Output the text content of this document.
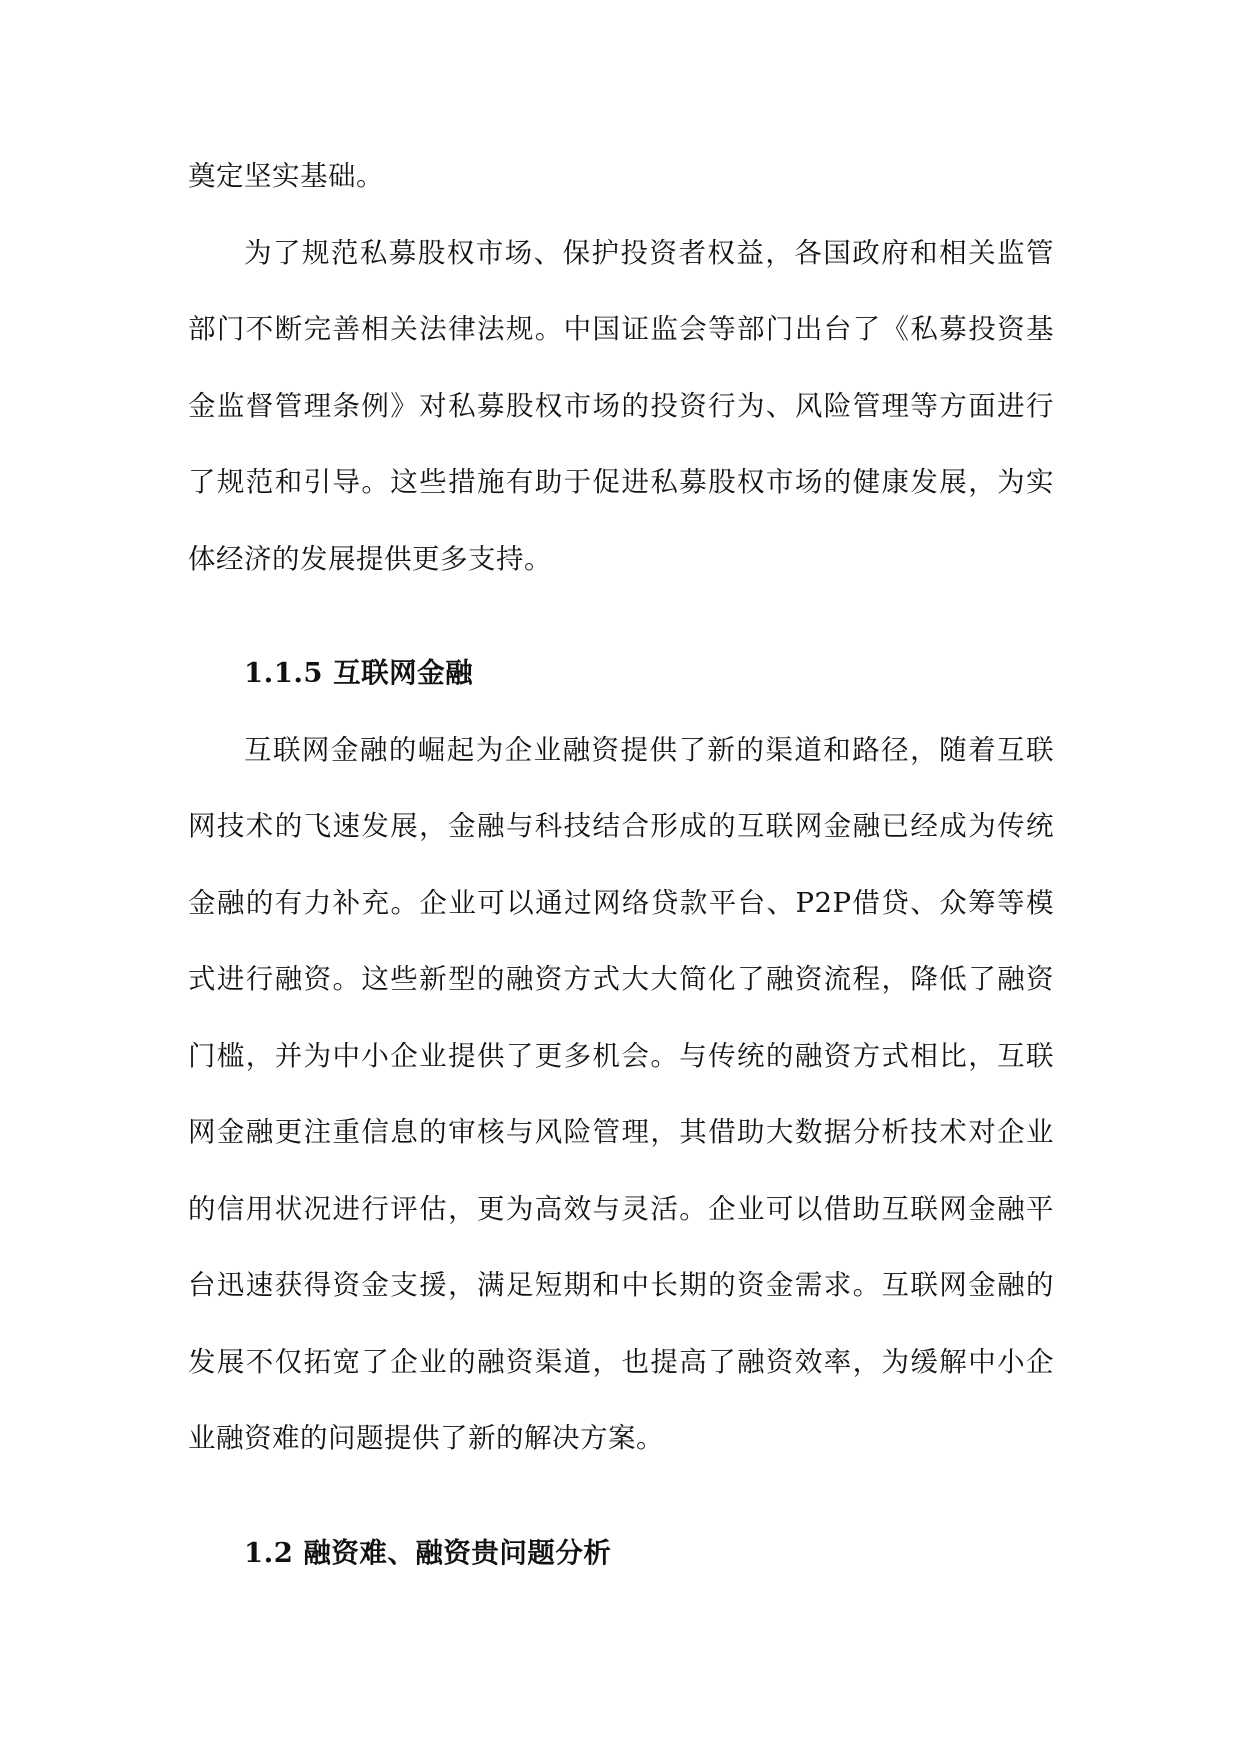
奠定坚实基础。

为了规范私募股权市场、保护投资者权益，各国政府和相关监管部门不断完善相关法律法规。中国证监会等部门出台了《私募投资基金监督管理条例》对私募股权市场的投资行为、风险管理等方面进行了规范和引导。这些措施有助于促进私募股权市场的健康发展，为实体经济的发展提供更多支持。

1.1.5 互联网金融

互联网金融的崛起为企业融资提供了新的渠道和路径，随着互联网技术的飞速发展，金融与科技结合形成的互联网金融已经成为传统金融的有力补充。企业可以通过网络贷款平台、P2P借贷、众筹等模式进行融资。这些新型的融资方式大大简化了融资流程，降低了融资门槛，并为中小企业提供了更多机会。与传统的融资方式相比，互联网金融更注重信息的审核与风险管理，其借助大数据分析技术对企业的信用状况进行评估，更为高效与灵活。企业可以借助互联网金融平台迅速获得资金支援，满足短期和中长期的资金需求。互联网金融的发展不仅拓宽了企业的融资渠道，也提高了融资效率，为缓解中小企业融资难的问题提供了新的解决方案。

1.2 融资难、融资贵问题分析
